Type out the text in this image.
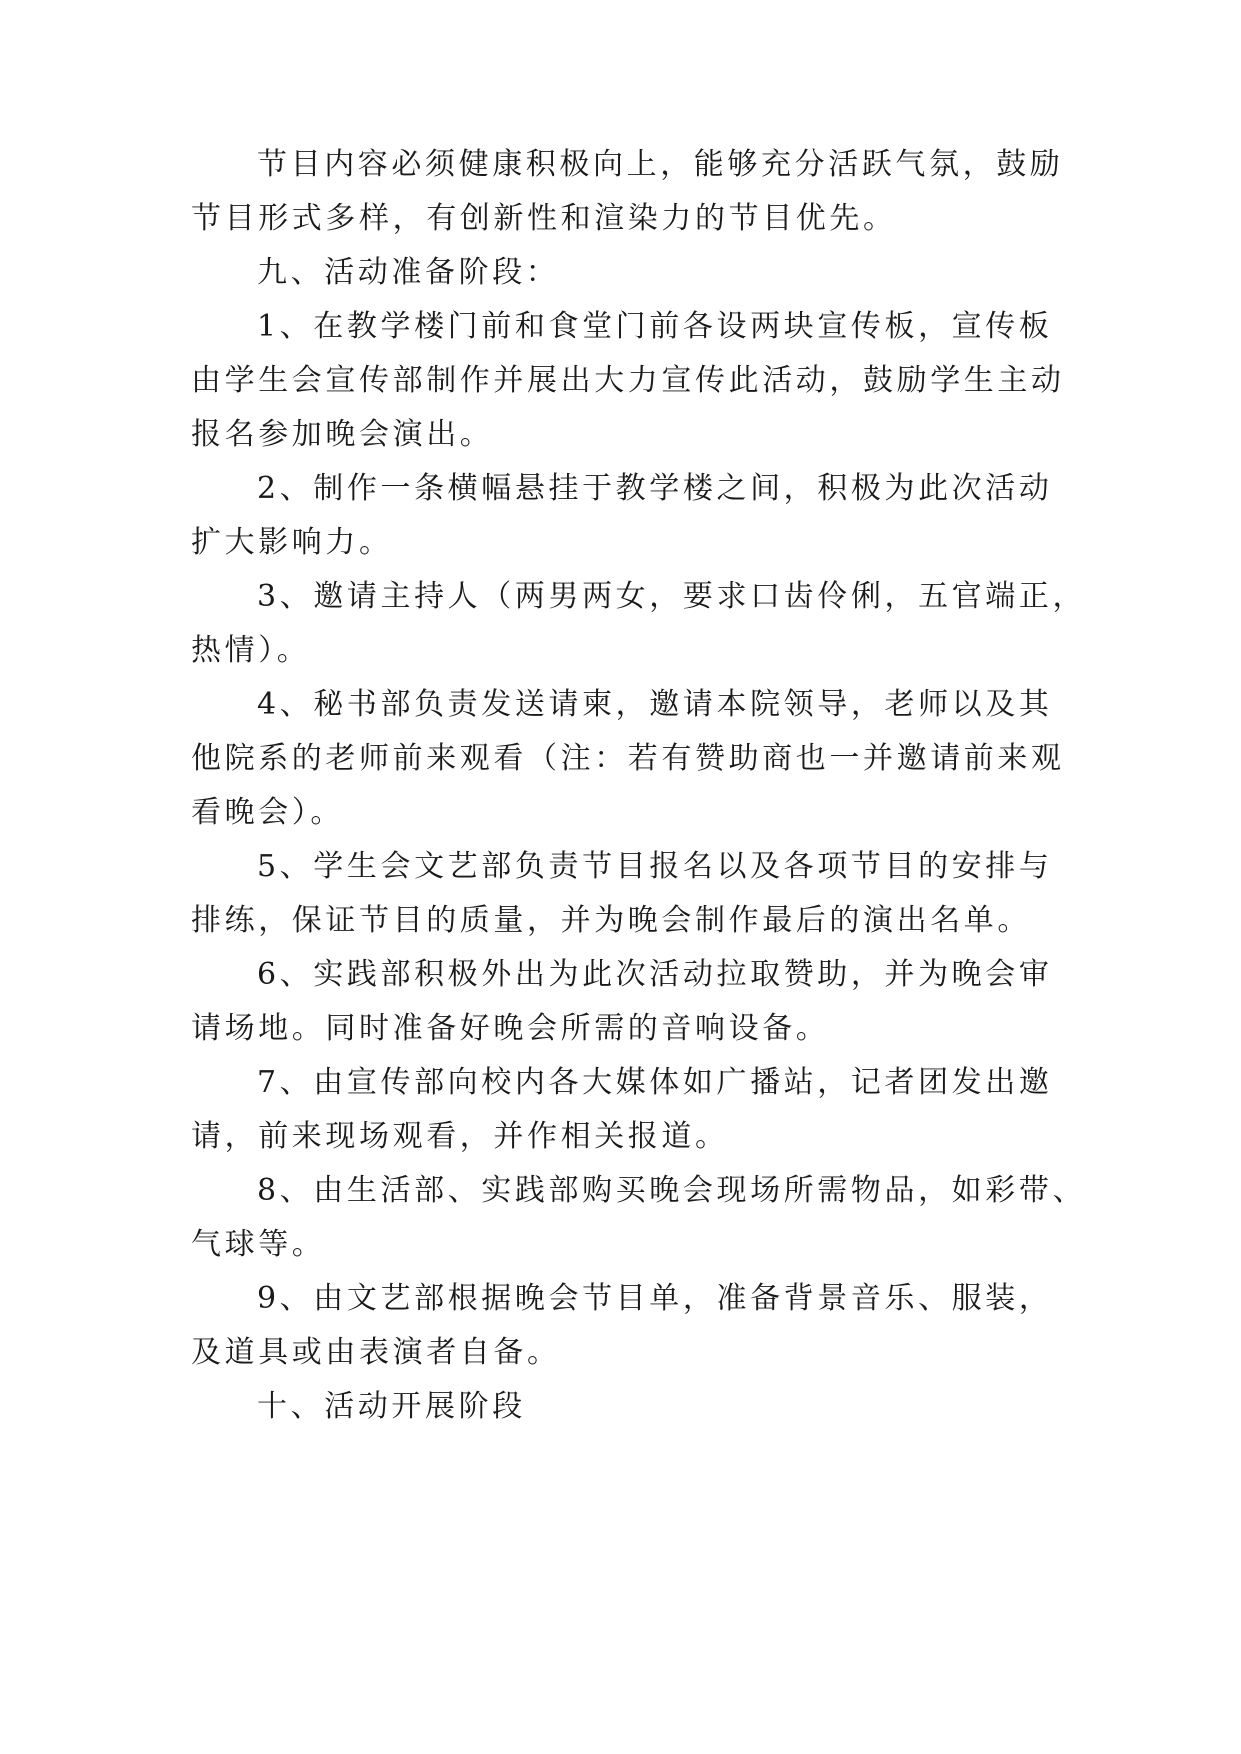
节目内容必须健康积极向上，能够充分活跃气氛，鼓励
节目形式多样，有创新性和渲染力的节目优先。
九、活动准备阶段：
1、在教学楼门前和食堂门前各设两块宣传板，宣传板
由学生会宣传部制作并展出大力宣传此活动，鼓励学生主动
报名参加晚会演出。
2、制作一条横幅悬挂于教学楼之间，积极为此次活动
扩大影响力。
3、邀请主持人（两男两女，要求口齿伶俐，五官端正，
热情）。
4、秘书部负责发送请柬，邀请本院领导，老师以及其
他院系的老师前来观看（注：若有赞助商也一并邀请前来观
看晚会）。
5、学生会文艺部负责节目报名以及各项节目的安排与
排练，保证节目的质量，并为晚会制作最后的演出名单。
6、实践部积极外出为此次活动拉取赞助，并为晚会审
请场地。同时准备好晚会所需的音响设备。
7、由宣传部向校内各大媒体如广播站，记者团发出邀
请，前来现场观看，并作相关报道。
8、由生活部、实践部购买晚会现场所需物品，如彩带、
气球等。
9、由文艺部根据晚会节目单，准备背景音乐、服装，
及道具或由表演者自备。
十、活动开展阶段
